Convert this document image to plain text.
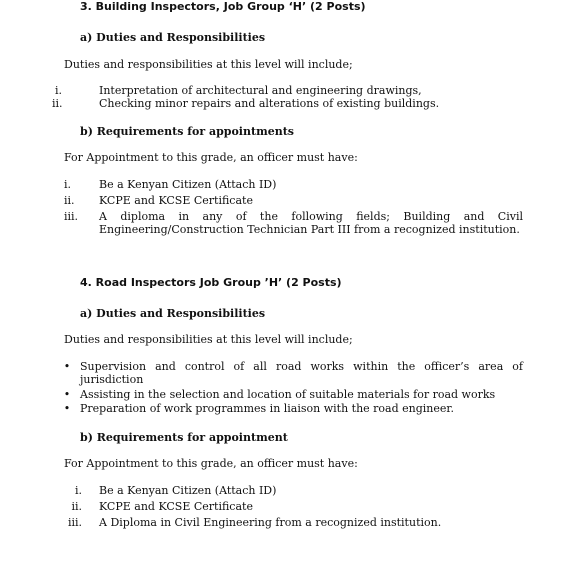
3. Building Inspectors, Job Group ‘H’ (2 Posts)
a) Duties and Responsibilities
Duties and responsibilities at this level will include;
i.	Interpretation of architectural and engineering drawings,
ii.	Checking minor repairs and alterations of existing buildings.
b) Requirements for appointments
For Appointment to this grade, an officer must have:
i.	Be a Kenyan Citizen (Attach ID)
ii.	KCPE and KCSE Certificate
iii.	A diploma in any of the following fields; Building and Civil Engineering/Construction Technician Part III from a recognized institution.
4. Road Inspectors Job Group ’H’ (2 Posts)
a) Duties and Responsibilities
Duties and responsibilities at this level will include;
• Supervision and control of all road works within the officer’s area of jurisdiction
• Assisting in the selection and location of suitable materials for road works
• Preparation of work programmes in liaison with the road engineer.
b) Requirements for appointment
For Appointment to this grade, an officer must have:
i. Be a Kenyan Citizen (Attach ID)
ii. KCPE and KCSE Certificate
iii. A Diploma in Civil Engineering from a recognized institution.
